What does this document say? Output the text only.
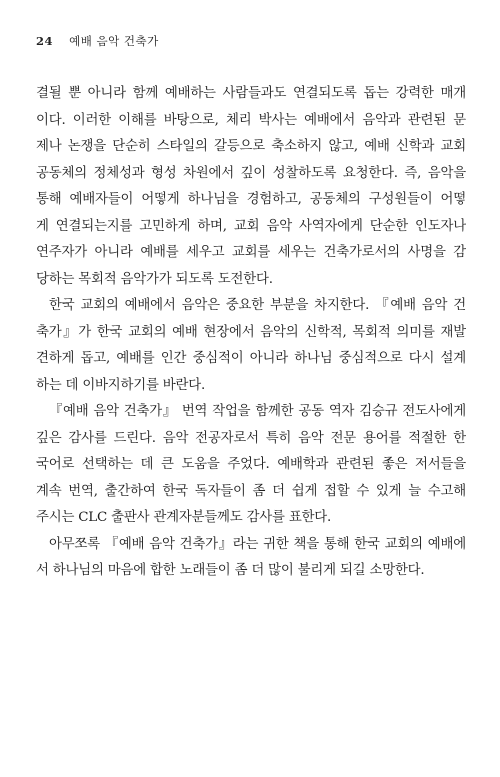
24 예배 음악 건축가
결될 뿐 아니라 함께 예배하는 사람들과도 연결되도록 돕는 강력한 매개
이다. 이러한 이해를 바탕으로, 체리 박사는 예배에서 음악과 관련된 문
제나 논쟁을 단순히 스타일의 갈등으로 축소하지 않고, 예배 신학과 교회
공동체의 정체성과 형성 차원에서 깊이 성찰하도록 요청한다. 즉, 음악을
통해 예배자들이 어떻게 하나님을 경험하고, 공동체의 구성원들이 어떻
게 연결되는지를 고민하게 하며, 교회 음악 사역자에게 단순한 인도자나
연주자가 아니라 예배를 세우고 교회를 세우는 건축가로서의 사명을 감
당하는 목회적 음악가가 되도록 도전한다.
한국 교회의 예배에서 음악은 중요한 부분을 차지한다. 『예배 음악 건
축가』가 한국 교회의 예배 현장에서 음악의 신학적, 목회적 의미를 재발
견하게 돕고, 예배를 인간 중심적이 아니라 하나님 중심적으로 다시 설계
하는 데 이바지하기를 바란다.
『예배 음악 건축가』 번역 작업을 함께한 공동 역자 김승규 전도사에게
깊은 감사를 드린다. 음악 전공자로서 특히 음악 전문 용어를 적절한 한
국어로 선택하는 데 큰 도움을 주었다. 예배학과 관련된 좋은 저서들을
계속 번역, 출간하여 한국 독자들이 좀 더 쉽게 접할 수 있게 늘 수고해
주시는 CLC 출판사 관계자분들께도 감사를 표한다.
아무쪼록 『예배 음악 건축가』라는 귀한 책을 통해 한국 교회의 예배에
서 하나님의 마음에 합한 노래들이 좀 더 많이 불리게 되길 소망한다.
